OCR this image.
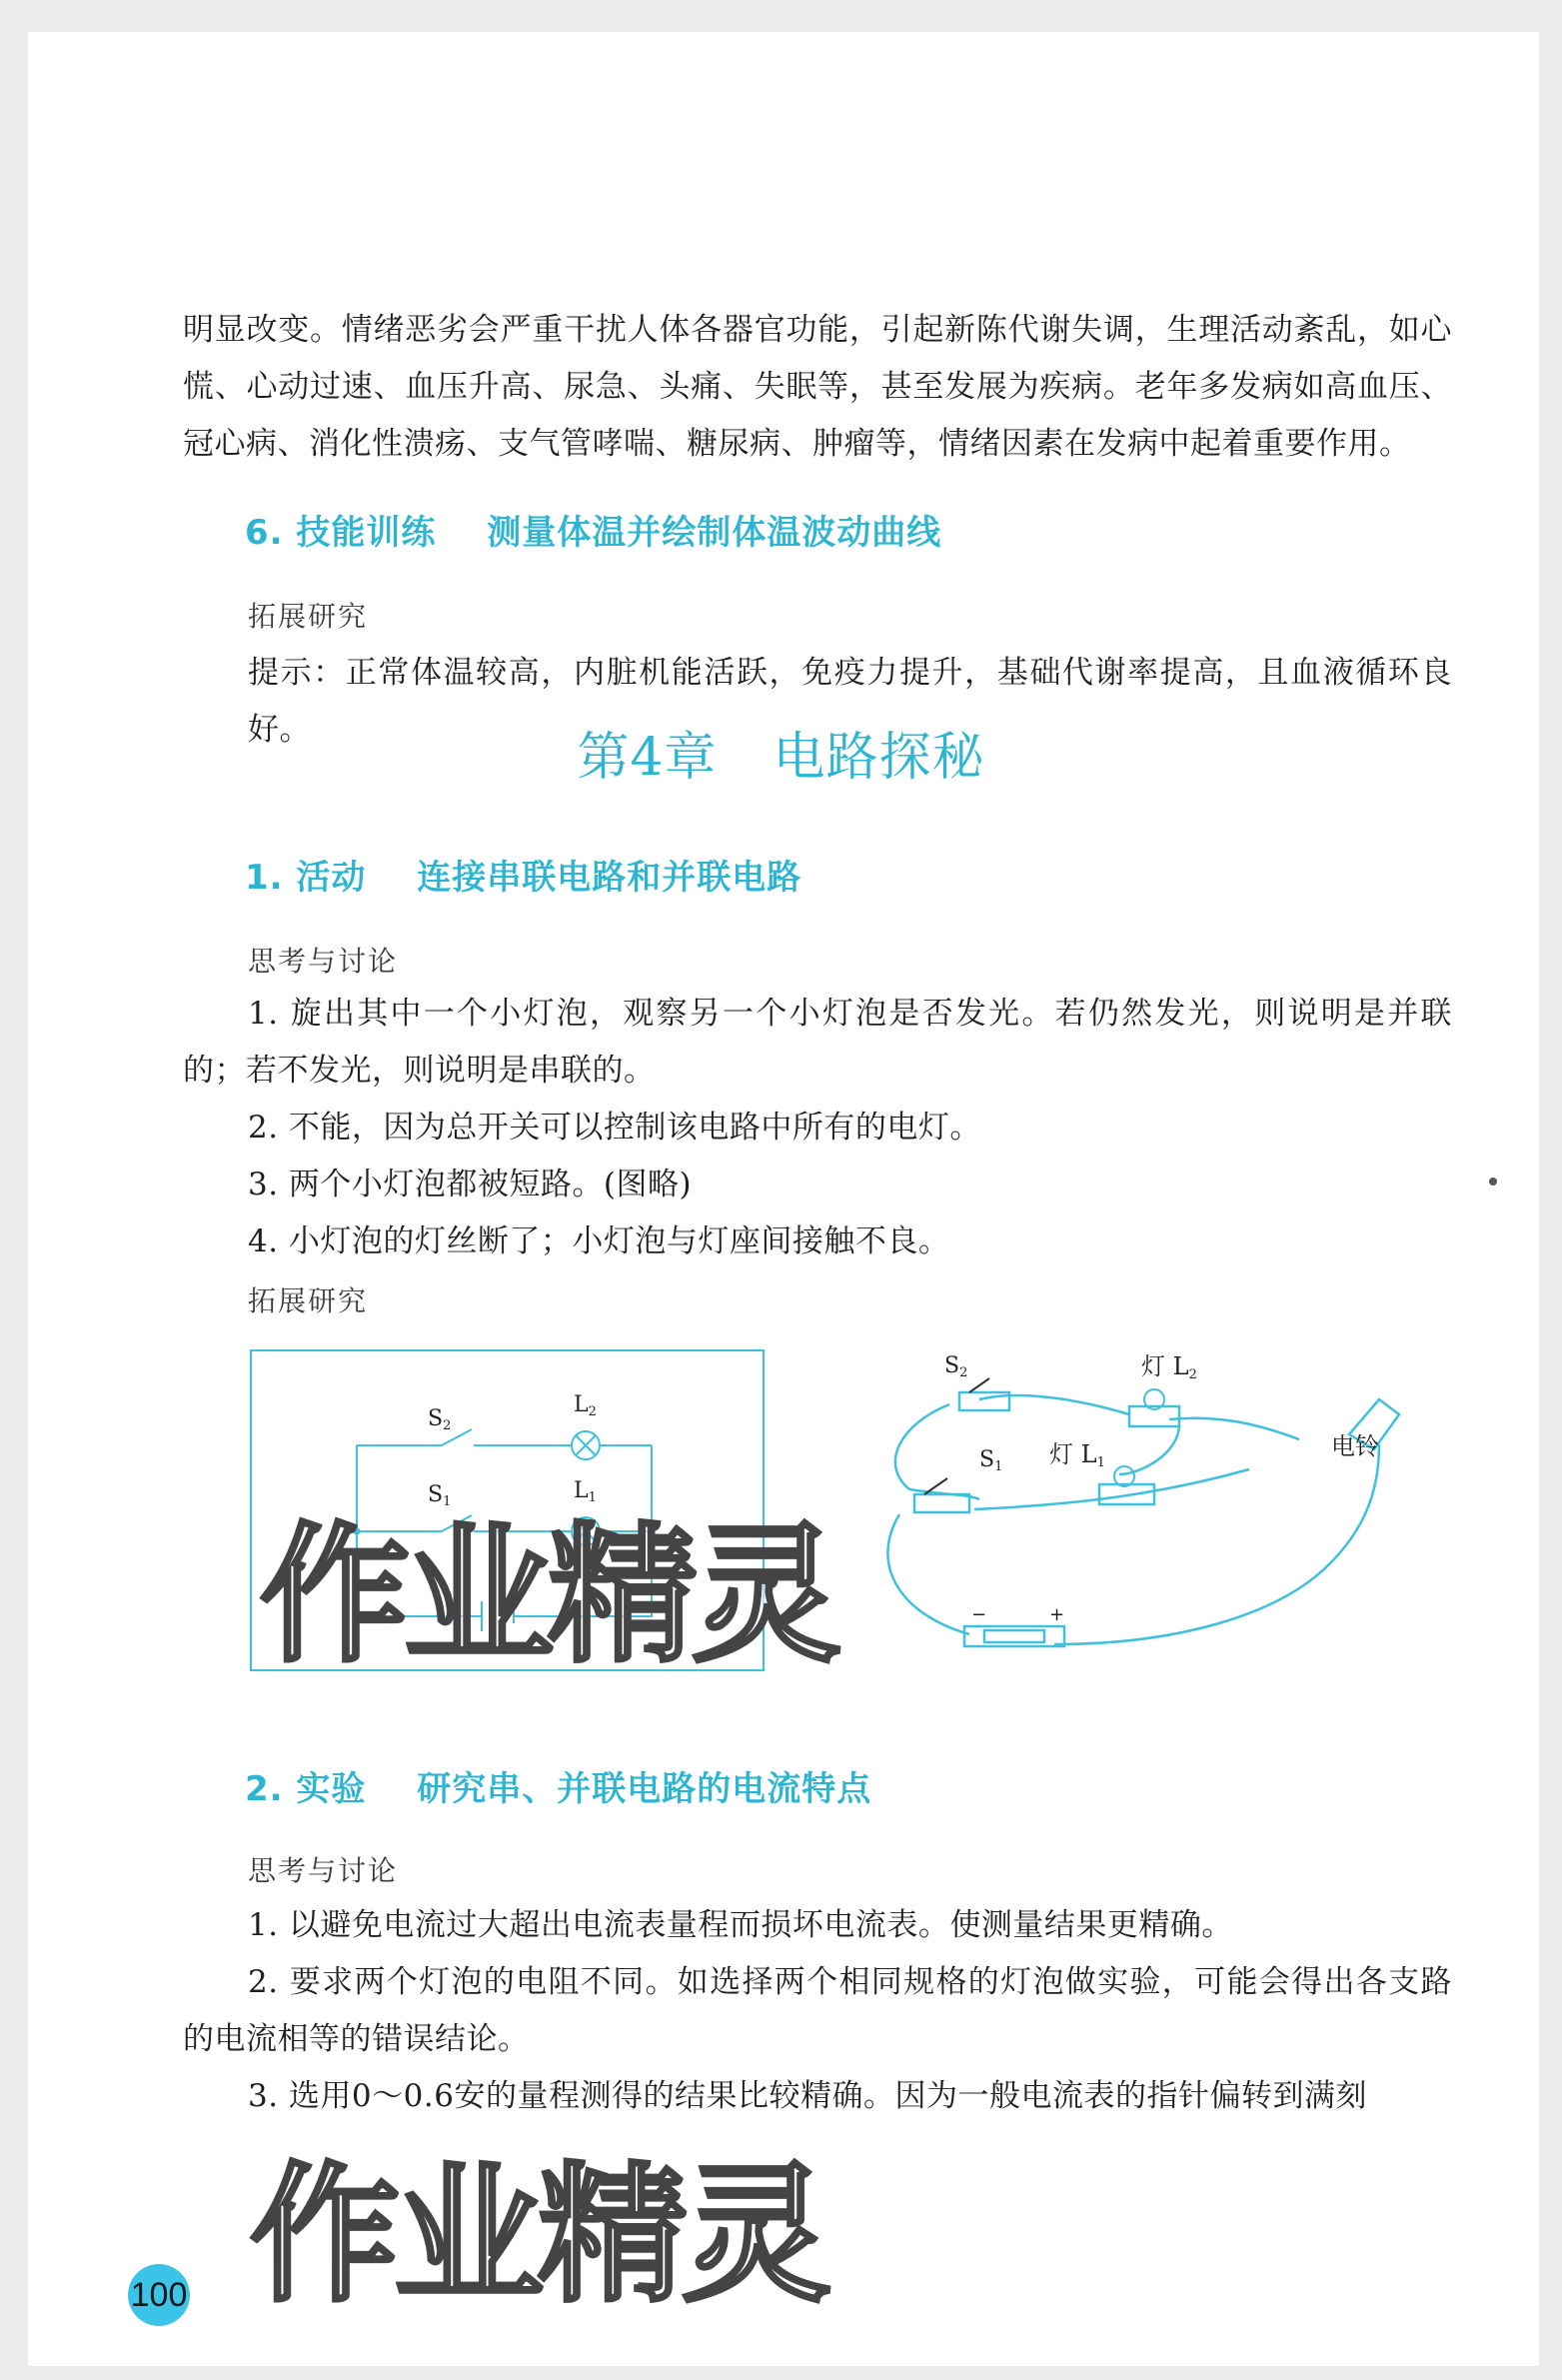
明显改变。情绪恶劣会严重干扰人体各器官功能，引起新陈代谢失调，生理活动紊乱，如心慌、心动过速、血压升高、尿急、头痛、失眠等，甚至发展为疾病。老年多发病如高血压、冠心病、消化性溃疡、支气管哮喘、糖尿病、肿瘤等，情绪因素在发病中起着重要作用。

6. 技能训练 测量体温并绘制体温波动曲线
拓展研究

提示：正常体温较高，内脏机能活跃，免疫力提升，基础代谢率提高，且血液循环良好。	第4章 电路探秘
1. 活动 连接串联电路和并联电路
思考与讨论

1. 旋出其中一个小灯泡，观察另一个小灯泡是否发光。若仍然发光，则说明是并联的；若不发光，则说明是串联的。

2. 不能，因为总开关可以控制该电路中所有的电灯。

3. 两个小灯泡都被短路。(图略)

4. 小灯泡的灯丝断了；小灯泡与灯座间接触不良。

拓展研究
S2
L2
S1	L1
S2	灯 L2
S1 灯 L1
电铃
−	+
作业精灵
2. 实验 研究串、并联电路的电流特点
思考与讨论

1. 以避免电流过大超出电流表量程而损坏电流表。使测量结果更精确。

2. 要求两个灯泡的电阻不同。如选择两个相同规格的灯泡做实验，可能会得出各支路的电流相等的错误结论。

3. 选用0～0.6安的量程测得的结果比较精确。因为一般电流表的指针偏转到满刻

作业精灵
100
